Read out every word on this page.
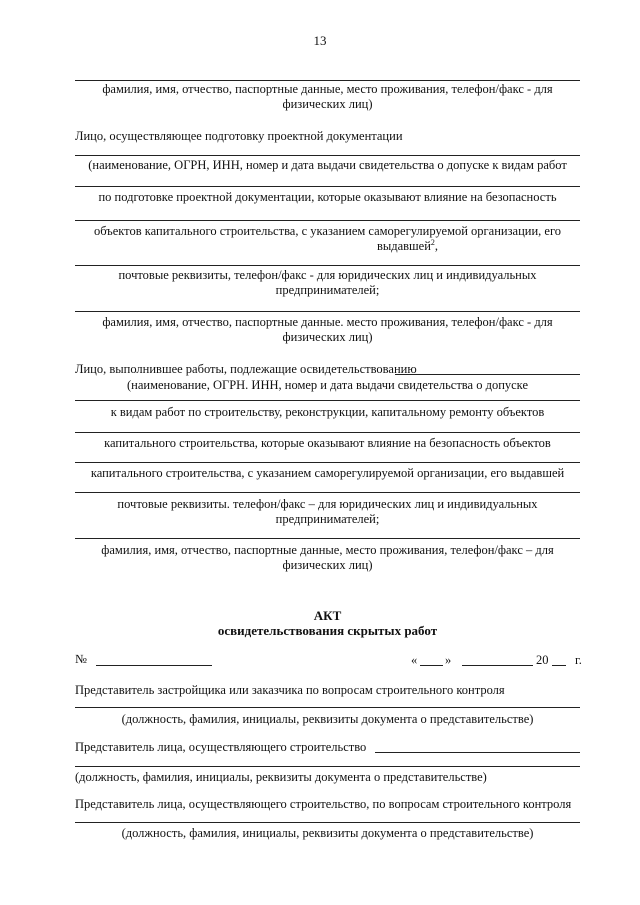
13
фамилия, имя, отчество, паспортные данные, место проживания, телефон/факс - для
физических лиц)
Лицо, осуществляющее подготовку проектной документации
(наименование, ОГРН, ИНН, номер и дата выдачи свидетельства о допуске к видам работ
по подготовке проектной документации, которые оказывают влияние на безопасность
объектов капитального строительства, с указанием саморегулируемой организации, его
выдавшей$^2$,
почтовые реквизиты, телефон/факс - для юридических лиц и индивидуальных
предпринимателей;
фамилия, имя, отчество, паспортные данные. место проживания, телефон/факс - для
физических лиц)
Лицо, выполнившее работы, подлежащие освидетельствованию
(наименование, ОГРН. ИНН, номер и дата выдачи свидетельства о допуске
к видам работ по строительству, реконструкции, капитальному ремонту объектов
капитального строительства, которые оказывают влияние на безопасность объектов
капитального строительства, с указанием саморегулируемой организации, его выдавшей
почтовые реквизиты. телефон/факс – для юридических лиц и индивидуальных
предпринимателей;
фамилия, имя, отчество, паспортные данные, место проживания, телефон/факс – для
физических лиц)
АКТ
освидетельствования скрытых работ
№	« »	20 г.
Представитель застройщика или заказчика по вопросам строительного контроля
(должность, фамилия, инициалы, реквизиты документа о представительстве)
Представитель лица, осуществляющего строительство
(должность, фамилия, инициалы, реквизиты документа о представительстве)
Представитель лица, осуществляющего строительство, по вопросам строительного контроля
(должность, фамилия, инициалы, реквизиты документа о представительстве)
